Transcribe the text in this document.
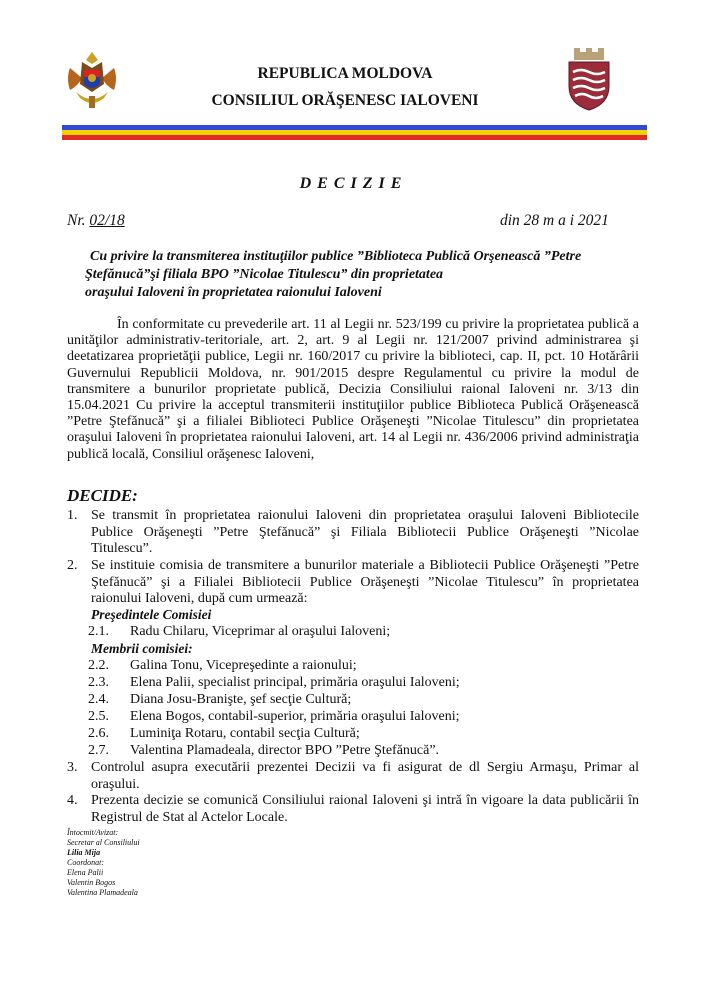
REPUBLICA MOLDOVA
CONSILIUL ORĂŞENESC IALOVENI
DECIZIE
Nr. 02/18	din 28 m a i 2021
Cu privire la transmiterea instituţiilor publice ”Biblioteca Publică Orşenească ”Petre
Ştefănucă”şi filiala BPO ”Nicolae Titulescu” din proprietatea
oraşului Ialoveni în proprietatea raionului Ialoveni
În conformitate cu prevederile art. 11 al Legii nr. 523/199 cu privire la proprietatea publică a unităţilor administrativ-teritoriale, art. 2, art. 9 al Legii nr. 121/2007 privind administrarea şi deetatizarea proprietăţii publice, Legii nr. 160/2017 cu privire la biblioteci, cap. II, pct. 10 Hotărârii Guvernului Republicii Moldova, nr. 901/2015 despre Regulamentul cu privire la modul de transmitere a bunurilor proprietate publică, Decizia Consiliului raional Ialoveni nr. 3/13 din 15.04.2021 Cu privire la acceptul transmiterii instituţiilor publice Biblioteca Publică Orăşenească ”Petre Ştefănucă” şi a filialei Biblioteci Publice Orăşeneşti ”Nicolae Titulescu” din proprietatea oraşului Ialoveni în proprietatea raionului Ialoveni, art. 14 al Legii nr. 436/2006 privind administraţia publică locală, Consiliul orăşenesc Ialoveni,
DECIDE:
1. Se transmit în proprietatea raionului Ialoveni din proprietatea oraşului Ialoveni Bibliotecile Publice Orăşeneşti ”Petre Ştefănucă” şi Filiala Bibliotecii Publice Orăşeneşti ”Nicolae Titulescu”.
2. Se instituie comisia de transmitere a bunurilor materiale a Bibliotecii Publice Orăşeneşti ”Petre Ştefănucă” şi a Filialei Bibliotecii Publice Orăşeneşti ”Nicolae Titulescu” în proprietatea raionului Ialoveni, după cum urmează:
Preşedintele Comisiei
2.1. Radu Chilaru, Viceprimar al oraşului Ialoveni;
Membrii comisiei:
2.2. Galina Tonu, Vicepreşedinte a raionului;
2.3. Elena Palii, specialist principal, primăria oraşului Ialoveni;
2.4. Diana Josu-Branişte, şef secţie Cultură;
2.5. Elena Bogos, contabil-superior, primăria oraşului Ialoveni;
2.6. Luminiţa Rotaru, contabil secţia Cultură;
2.7. Valentina Plamadeala, director BPO ”Petre Ştefănucă”.
3. Controlul asupra executării prezentei Decizii va fi asigurat de dl Sergiu Armaşu, Primar al oraşului.
4. Prezenta decizie se comunică Consiliului raional Ialoveni şi intră în vigoare la data publicării în Registrul de Stat al Actelor Locale.
Întocmit/Avizat:
Secretar al Consiliului
Lilia Mija
Coordonat:
Elena Palii
Valentin Bogos
Valentina Plamadeala
